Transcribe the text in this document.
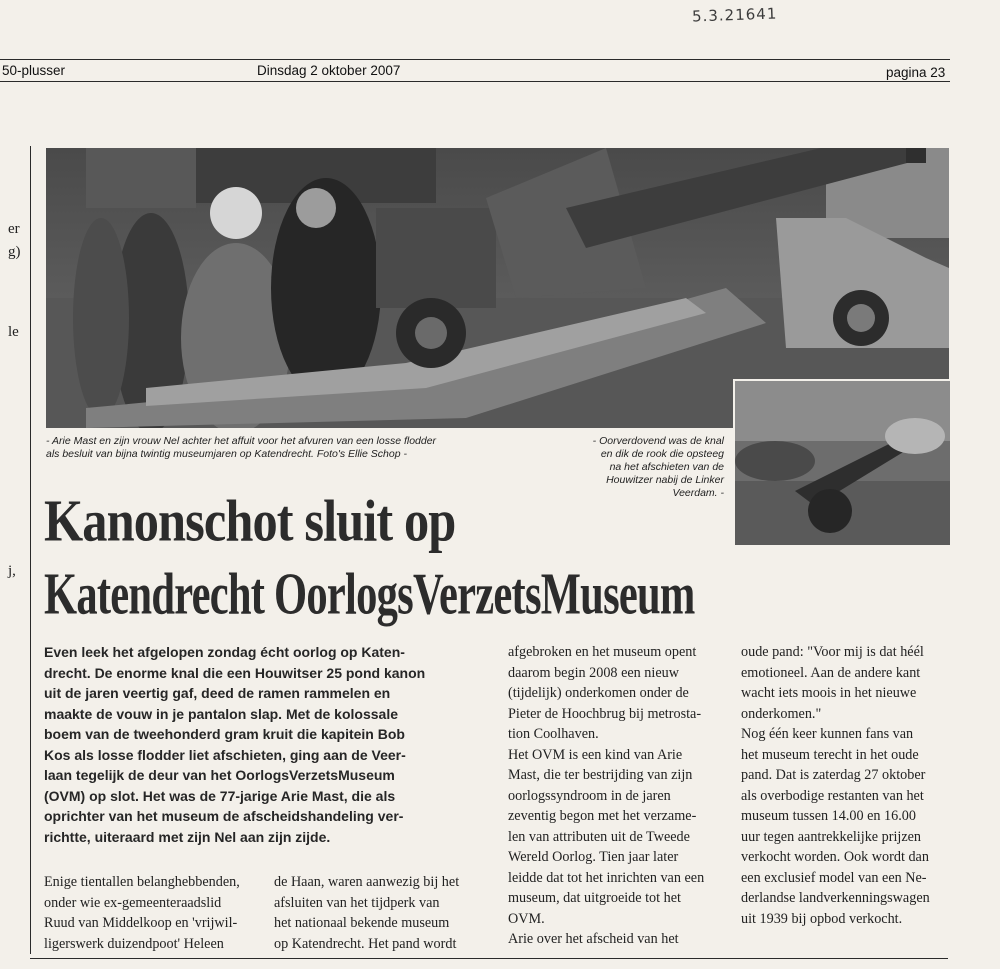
5.3.21641
50-plusser	Dinsdag 2 oktober 2007	pagina 23
er
g)
le
j,
- Arie Mast en zijn vrouw Nel achter het affuit voor het afvuren van een losse flodder
als besluit van bijna twintig museumjaren op Katendrecht. Foto's Ellie Schop -
- Oorverdovend was de knal
en dik de rook die opsteeg
na het afschieten van de
Houwitzer nabij de Linker
Veerdam. -
Kanonschot sluit op
Katendrecht OorlogsVerzetsMuseum
Even leek het afgelopen zondag écht oorlog op Katen-
drecht. De enorme knal die een Houwitser 25 pond kanon
uit de jaren veertig gaf, deed de ramen rammelen en
maakte de vouw in je pantalon slap. Met de kolossale
boem van de tweehonderd gram kruit die kapitein Bob
Kos als losse flodder liet afschieten, ging aan de Veer-
laan tegelijk de deur van het OorlogsVerzetsMuseum
(OVM) op slot. Het was de 77-jarige Arie Mast, die als
oprichter van het museum de afscheidshandeling ver-
richtte, uiteraard met zijn Nel aan zijn zijde.
Enige tientallen belanghebbenden,
onder wie ex-gemeenteraadslid
Ruud van Middelkoop en 'vrijwil-
ligerswerk duizendpoot' Heleen
de Haan, waren aanwezig bij het
afsluiten van het tijdperk van
het nationaal bekende museum
op Katendrecht. Het pand wordt
afgebroken en het museum opent
daarom begin 2008 een nieuw
(tijdelijk) onderkomen onder de
Pieter de Hoochbrug bij metrosta-
tion Coolhaven.
Het OVM is een kind van Arie
Mast, die ter bestrijding van zijn
oorlogssyndroom in de jaren
zeventig begon met het verzame-
len van attributen uit de Tweede
Wereld Oorlog. Tien jaar later
leidde dat tot het inrichten van een
museum, dat uitgroeide tot het
OVM.
Arie over het afscheid van het
oude pand: "Voor mij is dat héél
emotioneel. Aan de andere kant
wacht iets moois in het nieuwe
onderkomen."
Nog één keer kunnen fans van
het museum terecht in het oude
pand. Dat is zaterdag 27 oktober
als overbodige restanten van het
museum tussen 14.00 en 16.00
uur tegen aantrekkelijke prijzen
verkocht worden. Ook wordt dan
een exclusief model van een Ne-
derlandse landverkenningswagen
uit 1939 bij opbod verkocht.
